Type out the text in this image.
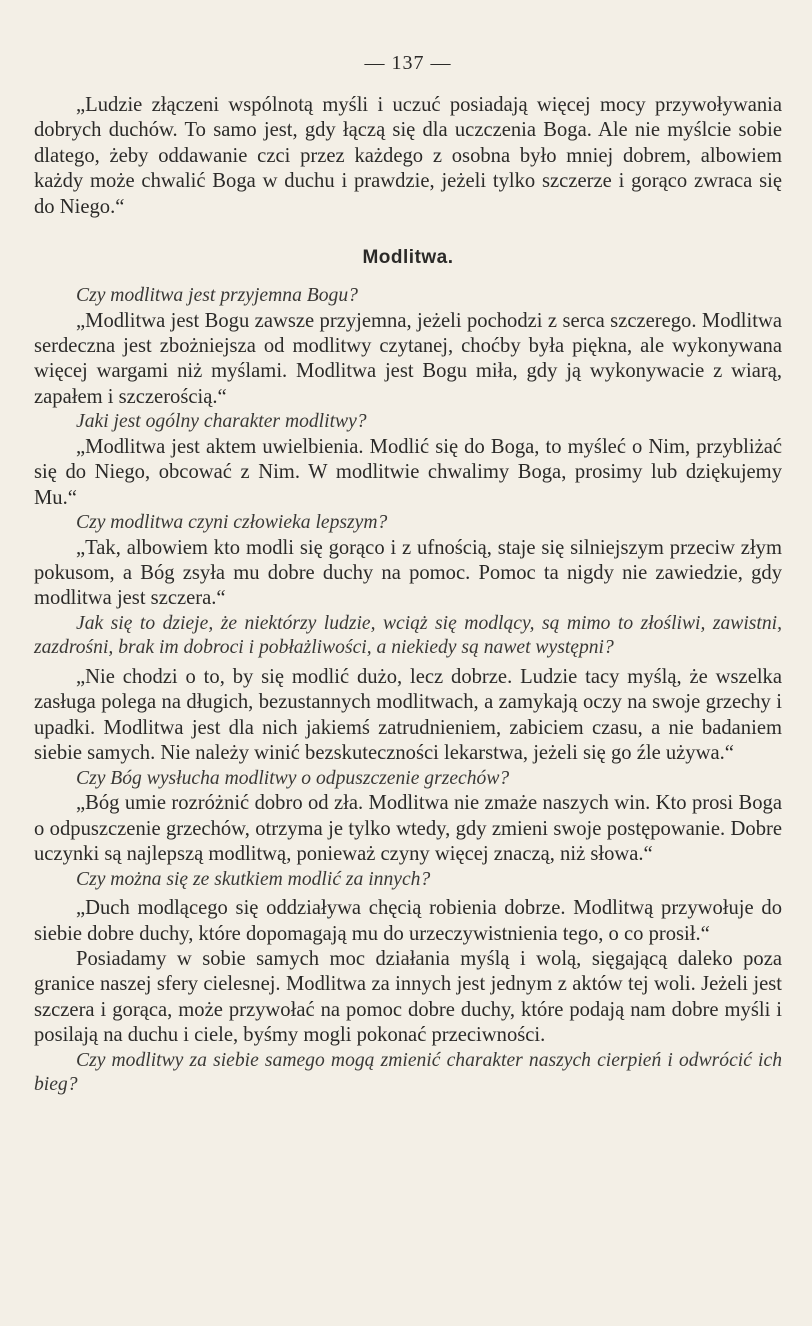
— 137 —

„Ludzie złączeni wspólnotą myśli i uczuć posiadają więcej mocy przywoływania dobrych duchów. To samo jest, gdy łączą się dla uczczenia Boga. Ale nie myślcie sobie dlatego, żeby oddawanie czci przez każdego z osobna było mniej dobrem, albowiem każdy może chwalić Boga w duchu i prawdzie, jeżeli tylko szczerze i gorąco zwraca się do Niego.“

Modlitwa.

Czy modlitwa jest przyjemna Bogu?

„Modlitwa jest Bogu zawsze przyjemna, jeżeli pochodzi z serca szczerego. Modlitwa serdeczna jest zbożniejsza od modlitwy czytanej, choćby była piękna, ale wykonywana więcej wargami niż myślami. Modlitwa jest Bogu miła, gdy ją wykonywacie z wiarą, zapałem i szczerością.“

Jaki jest ogólny charakter modlitwy?

„Modlitwa jest aktem uwielbienia. Modlić się do Boga, to myśleć o Nim, przybliżać się do Niego, obcować z Nim. W modlitwie chwalimy Boga, prosimy lub dziękujemy Mu.“

Czy modlitwa czyni człowieka lepszym?

„Tak, albowiem kto modli się gorąco i z ufnością, staje się silniejszym przeciw złym pokusom, a Bóg zsyła mu dobre duchy na pomoc. Pomoc ta nigdy nie zawiedzie, gdy modlitwa jest szczera.“

Jak się to dzieje, że niektórzy ludzie, wciąż się modlący, są mimo to złośliwi, zawistni, zazdrośni, brak im dobroci i pobłażliwości, a niekiedy są nawet występni?

„Nie chodzi o to, by się modlić dużo, lecz dobrze. Ludzie tacy myślą, że wszelka zasługa polega na długich, bezustannych modlitwach, a zamykają oczy na swoje grzechy i upadki. Modlitwa jest dla nich jakiemś zatrudnieniem, zabiciem czasu, a nie badaniem siebie samych. Nie należy winić bezskuteczności lekarstwa, jeżeli się go źle używa.“

Czy Bóg wysłucha modlitwy o odpuszczenie grzechów?

„Bóg umie rozróżnić dobro od zła. Modlitwa nie zmaże naszych win. Kto prosi Boga o odpuszczenie grzechów, otrzyma je tylko wtedy, gdy zmieni swoje postępowanie. Dobre uczynki są najlepszą modlitwą, ponieważ czyny więcej znaczą, niż słowa.“

Czy można się ze skutkiem modlić za innych?

„Duch modlącego się oddziaływa chęcią robienia dobrze. Modlitwą przywołuje do siebie dobre duchy, które dopomagają mu do urzeczywistnienia tego, o co prosił.“

Posiadamy w sobie samych moc działania myślą i wolą, sięgającą daleko poza granice naszej sfery cielesnej. Modlitwa za innych jest jednym z aktów tej woli. Jeżeli jest szczera i gorąca, może przywołać na pomoc dobre duchy, które podają nam dobre myśli i posilają na duchu i ciele, byśmy mogli pokonać przeciwności.

Czy modlitwy za siebie samego mogą zmienić charakter naszych cierpień i odwrócić ich bieg?
